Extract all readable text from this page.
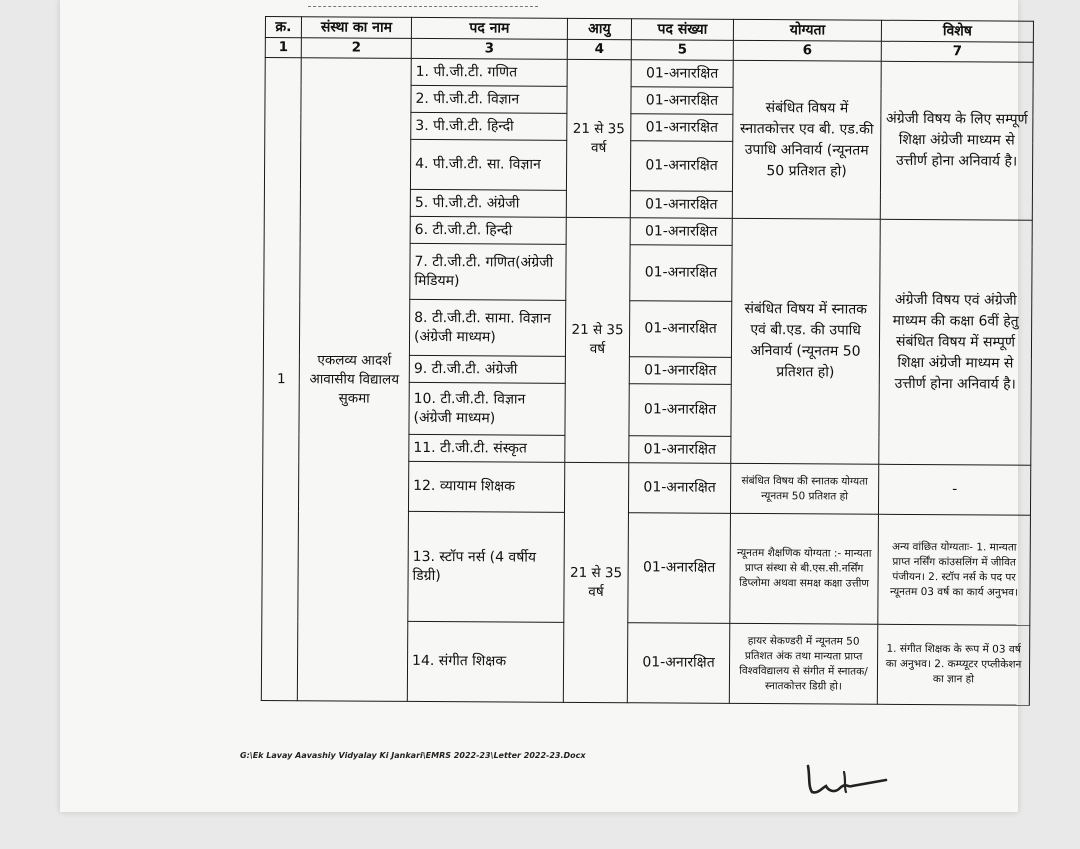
क्र.	संस्था का नाम	पद नाम	आयु	पद संख्या	योग्यता	विशेष
1	2	3	4	5	6	7
1	एकलव्य आदर्श आवासीय विद्यालय सुकमा	1. पी.जी.टी. गणित	21 से 35 वर्ष	01-अनारक्षित	संबंधित विषय में स्नातकोत्तर एव बी. एड.की उपाधि अनिवार्य (न्यूनतम 50 प्रतिशत हो)	अंग्रेजी विषय के लिए सम्पूर्ण शिक्षा अंग्रेजी माध्यम से उत्तीर्ण होना अनिवार्य है।
		2. पी.जी.टी. विज्ञान		01-अनारक्षित		
		3. पी.जी.टी. हिन्दी		01-अनारक्षित		
		4. पी.जी.टी. सा. विज्ञान		01-अनारक्षित		
		5. पी.जी.टी. अंग्रेजी		01-अनारक्षित		
		6. टी.जी.टी. हिन्दी	21 से 35 वर्ष	01-अनारक्षित	संबंधित विषय में स्नातक एवं बी.एड. की उपाधि अनिवार्य (न्यूनतम 50 प्रतिशत हो)	अंग्रेजी विषय एवं अंग्रेजी माध्यम की कक्षा 6वीं हेतु संबंधित विषय में सम्पूर्ण शिक्षा अंग्रेजी माध्यम से उत्तीर्ण होना अनिवार्य है।
		7. टी.जी.टी. गणित(अंग्रेजी मिडियम)		01-अनारक्षित		
		8. टी.जी.टी. सामा. विज्ञान (अंग्रेजी माध्यम)		01-अनारक्षित		
		9. टी.जी.टी. अंग्रेजी		01-अनारक्षित		
		10. टी.जी.टी. विज्ञान (अंग्रेजी माध्यम)		01-अनारक्षित		
		11. टी.जी.टी. संस्कृत		01-अनारक्षित		
		12. व्यायाम शिक्षक	21 से 35 वर्ष	01-अनारक्षित	संबंधित विषय की स्नातक योग्यता न्यूनतम 50 प्रतिशत हो	-
		13. स्टॉप नर्स (4 वर्षीय डिग्री)		01-अनारक्षित	न्यूनतम शैक्षणिक योग्यता :- मान्यता प्राप्त संस्था से बी.एस.सी.नर्सिंग डिप्लोमा अथवा समक्ष कक्षा उत्तीण	अन्य वांछित योग्यताः- 1. मान्यता प्राप्त नर्सिंग कांउसलिंग में जीवित पंजीयन। 2. स्टॉप नर्स के पद पर न्यूनतम 03 वर्ष का कार्य अनुभव।
		14. संगीत शिक्षक		01-अनारक्षित	हायर सेकण्डरी में न्यूनतम 50 प्रतिशत अंक तथा मान्यता प्राप्त विश्वविद्यालय से संगीत में स्नातक/स्नातकोत्तर डिग्री हो।	1. संगीत शिक्षक के रूप में 03 वर्ष का अनुभव। 2. कम्प्यूटर एप्लीकेशन का ज्ञान हो
G:\Ek Lavay Aavashiy Vidyalay Ki Jankari\EMRS 2022-23\Letter 2022-23.Docx
